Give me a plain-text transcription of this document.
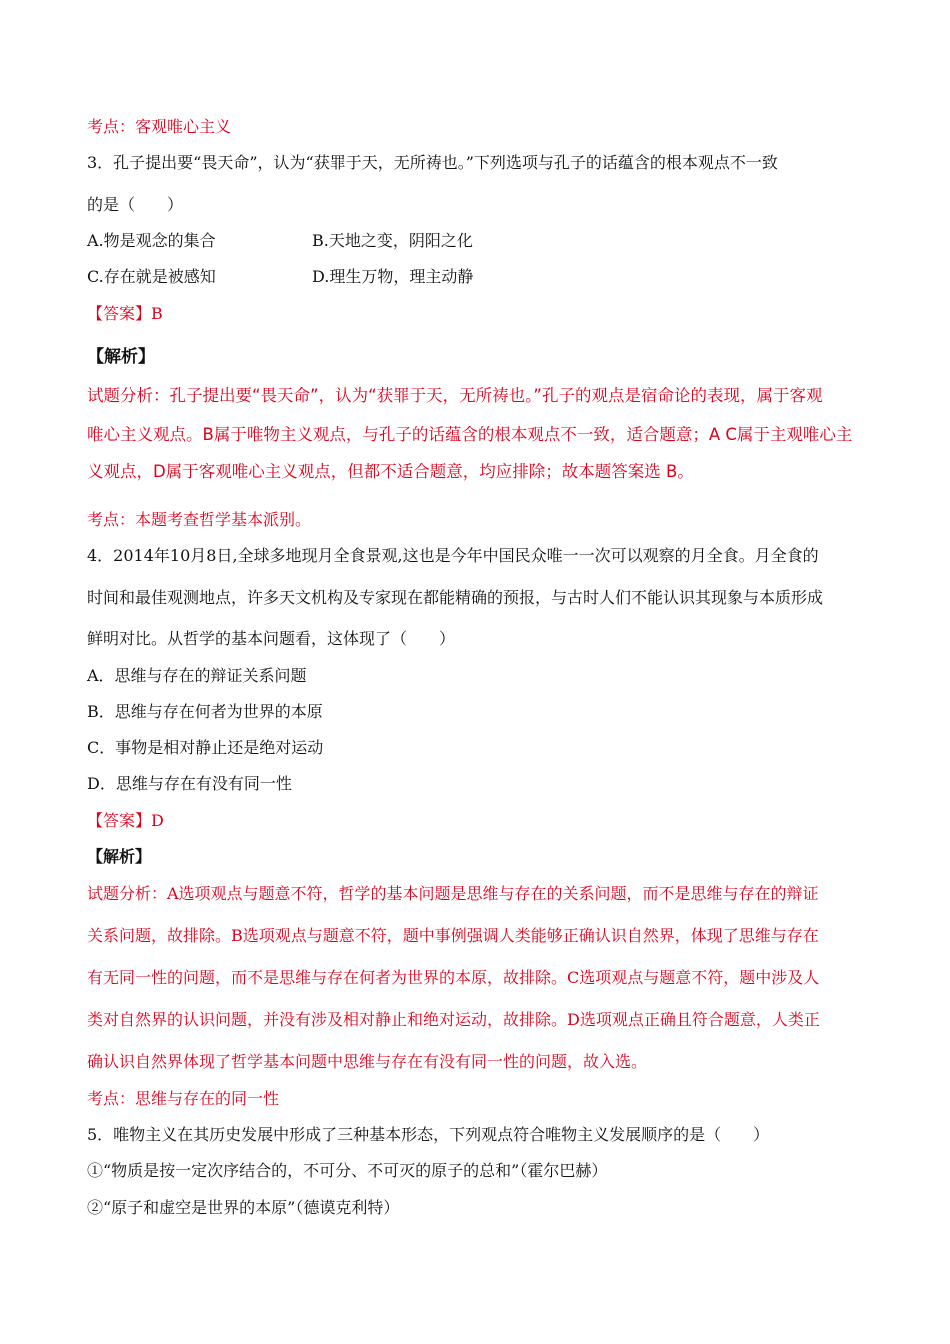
考点：客观唯心主义
3．孔子提出要“畏天命”，认为“获罪于天，无所祷也。”下列选项与孔子的话蕴含的根本观点不一致
的是（　　）
A.物是观念的集合	B.天地之变，阴阳之化
C.存在就是被感知	D.理生万物，理主动静
【答案】B
【解析】
试题分析：孔子提出要“畏天命”，认为“获罪于天，无所祷也。”孔子的观点是宿命论的表现，属于客观
唯心主义观点。B属于唯物主义观点，与孔子的话蕴含的根本观点不一致，适合题意；A C属于主观唯心主
义观点，D属于客观唯心主义观点，但都不适合题意，均应排除；故本题答案选 B。
考点：本题考查哲学基本派别。
4．2014年10月8日,全球多地现月全食景观,这也是今年中国民众唯一一次可以观察的月全食。月全食的
时间和最佳观测地点，许多天文机构及专家现在都能精确的预报，与古时人们不能认识其现象与本质形成
鲜明对比。从哲学的基本问题看，这体现了（　　）
A．思维与存在的辩证关系问题
B．思维与存在何者为世界的本原
C．事物是相对静止还是绝对运动
D．思维与存在有没有同一性
【答案】D
【解析】
试题分析：A选项观点与题意不符，哲学的基本问题是思维与存在的关系问题，而不是思维与存在的辩证
关系问题，故排除。B选项观点与题意不符，题中事例强调人类能够正确认识自然界，体现了思维与存在
有无同一性的问题，而不是思维与存在何者为世界的本原，故排除。C选项观点与题意不符，题中涉及人
类对自然界的认识问题，并没有涉及相对静止和绝对运动，故排除。D选项观点正确且符合题意，人类正
确认识自然界体现了哲学基本问题中思维与存在有没有同一性的问题，故入选。
考点：思维与存在的同一性
5．唯物主义在其历史发展中形成了三种基本形态，下列观点符合唯物主义发展顺序的是（　　）
①“物质是按一定次序结合的，不可分、不可灭的原子的总和”（霍尔巴赫）
②“原子和虚空是世界的本原”（德谟克利特）
